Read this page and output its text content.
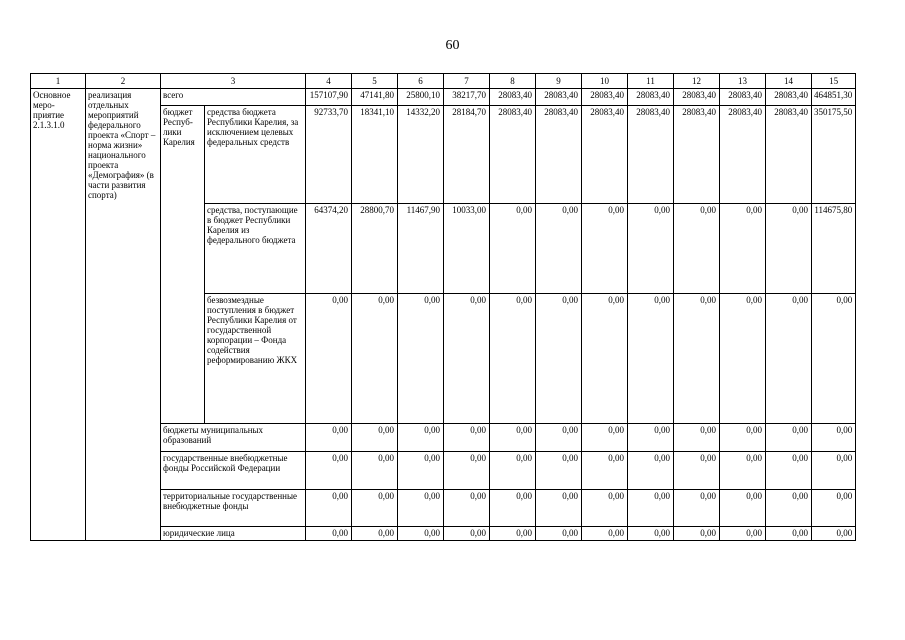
60
1	2	3		4	5	6	7	8	9	10	11	12	13	14	15
Основное меро-приятие 2.1.3.1.0	реализация отдельных мероприятий федерального проекта «Спорт – норма жизни» национального проекта «Демография» (в части развития спорта)	всего		157107,90	47141,80	25800,10	38217,70	28083,40	28083,40	28083,40	28083,40	28083,40	28083,40	28083,40	464851,30
		бюджет Респуб-лики Карелия	средства бюджета Республики Карелия, за исключением целевых федеральных средств	92733,70	18341,10	14332,20	28184,70	28083,40	28083,40	28083,40	28083,40	28083,40	28083,40	28083,40	350175,50
			средства, поступающие в бюджет Республики Карелия из федерального бюджета	64374,20	28800,70	11467,90	10033,00	0,00	0,00	0,00	0,00	0,00	0,00	0,00	114675,80
			безвозмездные поступления в бюджет Республики Карелия от государственной корпорации – Фонда содействия реформированию ЖКХ	0,00	0,00	0,00	0,00	0,00	0,00	0,00	0,00	0,00	0,00	0,00	0,00
		бюджеты муниципальных образований		0,00	0,00	0,00	0,00	0,00	0,00	0,00	0,00	0,00	0,00	0,00	0,00
		государственные внебюджетные фонды Российской Федерации		0,00	0,00	0,00	0,00	0,00	0,00	0,00	0,00	0,00	0,00	0,00	0,00
		территориальные государственные внебюджетные фонды		0,00	0,00	0,00	0,00	0,00	0,00	0,00	0,00	0,00	0,00	0,00	0,00
		юридические лица		0,00	0,00	0,00	0,00	0,00	0,00	0,00	0,00	0,00	0,00	0,00	0,00
